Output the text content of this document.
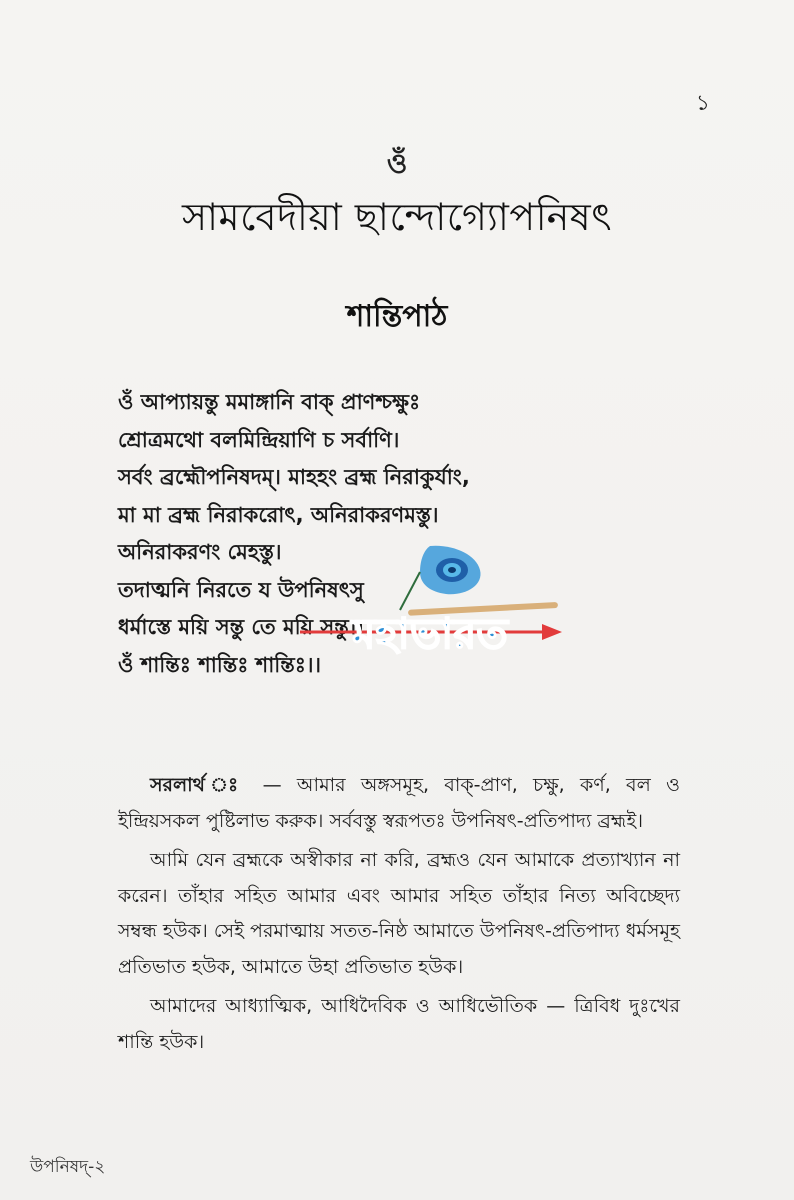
১
ওঁ
সামবেদীয়া ছান্দোগ্যোপনিষৎ
শান্তিপাঠ
ওঁ আপ্যায়ন্তু মমাঙ্গানি বাক্ প্রাণশ্চক্ষুঃ
শ্রোত্রমথো বলমিন্দ্রিয়াণি চ সর্বাণি।
সর্বং ব্রহ্মৌপনিষদম্। মাহহং ব্রহ্ম নিরাকুর্যাং,
মা মা ব্রহ্ম নিরাকরোৎ, অনিরাকরণমস্তু।
অনিরাকরণং মেহস্তু।
তদাত্মনি নিরতে য উপনিষৎসু
ধর্মাস্তে ময়ি সন্তু তে ময়ি সন্তু।।
ওঁ শান্তিঃ শান্তিঃ শান্তিঃ।।
মহাভারত

সরলার্থ ঃ — আমার অঙ্গসমূহ, বাক্-প্রাণ, চক্ষু, কর্ণ, বল ও ইন্দ্রিয়সকল পুষ্টিলাভ করুক। সর্ববস্তু স্বরূপতঃ উপনিষৎ-প্রতিপাদ্য ব্রহ্মই।

আমি যেন ব্রহ্মকে অস্বীকার না করি, ব্রহ্মও যেন আমাকে প্রত্যাখ্যান না করেন। তাঁহার সহিত আমার এবং আমার সহিত তাঁহার নিত্য অবিচ্ছেদ্য সম্বন্ধ হউক। সেই পরমাত্মায় সতত-নিষ্ঠ আমাতে উপনিষৎ-প্রতিপাদ্য ধর্মসমূহ প্রতিভাত হউক, আমাতে উহা প্রতিভাত হউক।

আমাদের আধ্যাত্মিক, আধিদৈবিক ও আধিভৌতিক — ত্রিবিধ দুঃখের শান্তি হউক।

উপনিষদ্-২
